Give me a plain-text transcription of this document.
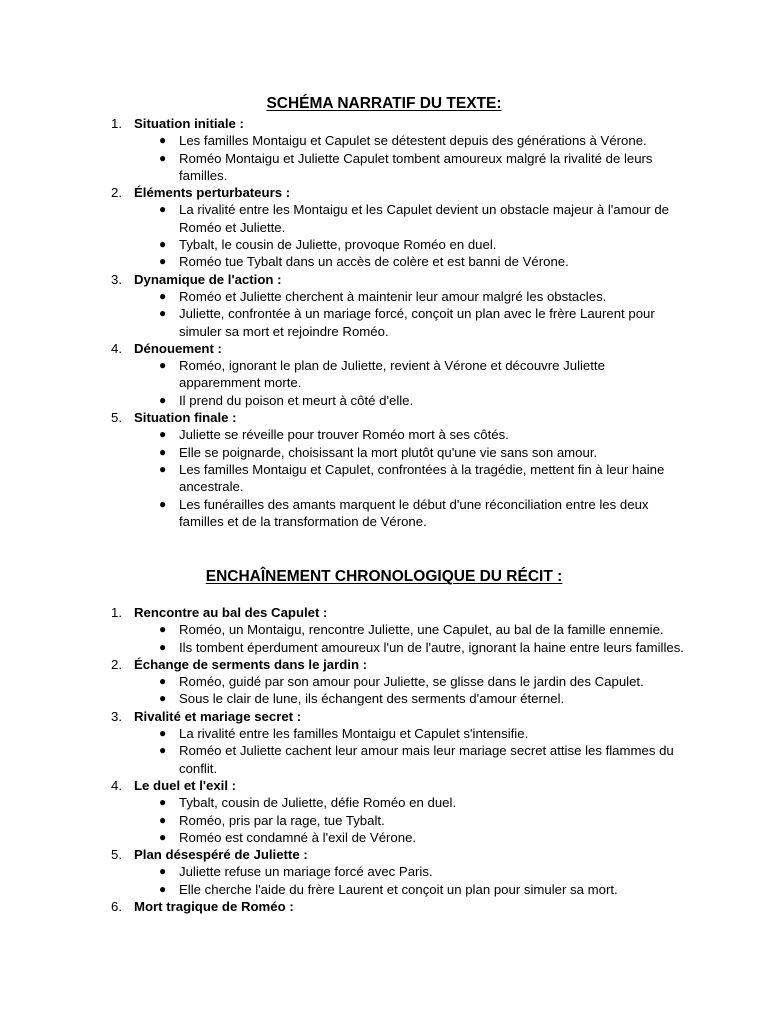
SCHÉMA NARRATIF DU TEXTE:
1. Situation initiale :
● Les familles Montaigu et Capulet se détestent depuis des générations à Vérone.
● Roméo Montaigu et Juliette Capulet tombent amoureux malgré la rivalité de leurs familles.
2. Éléments perturbateurs :
● La rivalité entre les Montaigu et les Capulet devient un obstacle majeur à l'amour de Roméo et Juliette.
● Tybalt, le cousin de Juliette, provoque Roméo en duel.
● Roméo tue Tybalt dans un accès de colère et est banni de Vérone.
3. Dynamique de l'action :
● Roméo et Juliette cherchent à maintenir leur amour malgré les obstacles.
● Juliette, confrontée à un mariage forcé, conçoit un plan avec le frère Laurent pour simuler sa mort et rejoindre Roméo.
4. Dénouement :
● Roméo, ignorant le plan de Juliette, revient à Vérone et découvre Juliette apparemment morte.
● Il prend du poison et meurt à côté d'elle.
5. Situation finale :
● Juliette se réveille pour trouver Roméo mort à ses côtés.
● Elle se poignarde, choisissant la mort plutôt qu'une vie sans son amour.
● Les familles Montaigu et Capulet, confrontées à la tragédie, mettent fin à leur haine ancestrale.
● Les funérailles des amants marquent le début d'une réconciliation entre les deux familles et de la transformation de Vérone.
ENCHAÎNEMENT CHRONOLOGIQUE DU RÉCIT :
1. Rencontre au bal des Capulet :
● Roméo, un Montaigu, rencontre Juliette, une Capulet, au bal de la famille ennemie.
● Ils tombent éperdument amoureux l'un de l'autre, ignorant la haine entre leurs familles.
2. Échange de serments dans le jardin :
● Roméo, guidé par son amour pour Juliette, se glisse dans le jardin des Capulet.
● Sous le clair de lune, ils échangent des serments d'amour éternel.
3. Rivalité et mariage secret :
● La rivalité entre les familles Montaigu et Capulet s'intensifie.
● Roméo et Juliette cachent leur amour mais leur mariage secret attise les flammes du conflit.
4. Le duel et l'exil :
● Tybalt, cousin de Juliette, défie Roméo en duel.
● Roméo, pris par la rage, tue Tybalt.
● Roméo est condamné à l'exil de Vérone.
5. Plan désespéré de Juliette :
● Juliette refuse un mariage forcé avec Paris.
● Elle cherche l'aide du frère Laurent et conçoit un plan pour simuler sa mort.
6. Mort tragique de Roméo :
